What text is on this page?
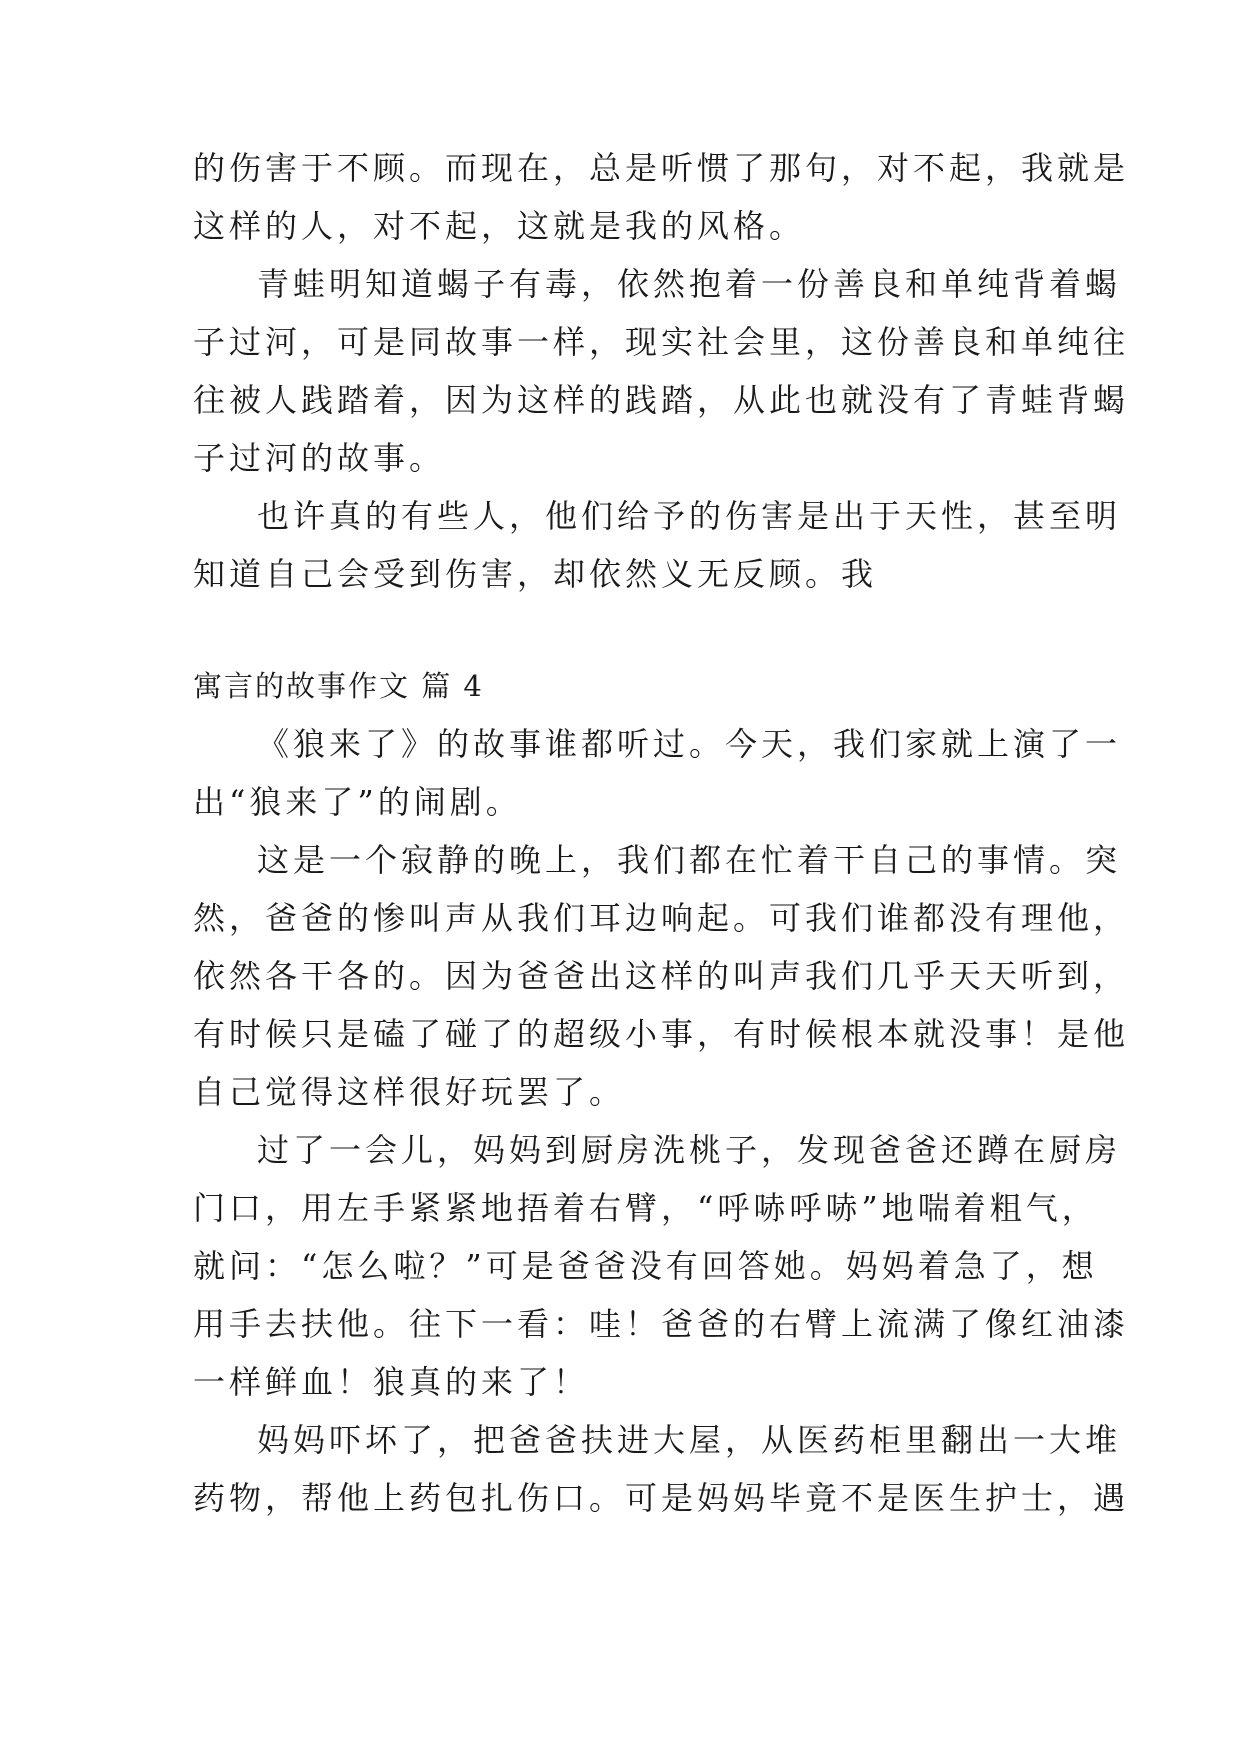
的伤害于不顾。而现在，总是听惯了那句，对不起，我就是
这样的人，对不起，这就是我的风格。
青蛙明知道蝎子有毒，依然抱着一份善良和单纯背着蝎
子过河，可是同故事一样，现实社会里，这份善良和单纯往
往被人践踏着，因为这样的践踏，从此也就没有了青蛙背蝎
子过河的故事。
也许真的有些人，他们给予的伤害是出于天性，甚至明
知道自己会受到伤害，却依然义无反顾。我
寓言的故事作文 篇 4
《狼来了》的故事谁都听过。今天，我们家就上演了一
出“狼来了”的闹剧。
这是一个寂静的晚上，我们都在忙着干自己的事情。突
然，爸爸的惨叫声从我们耳边响起。可我们谁都没有理他，
依然各干各的。因为爸爸出这样的叫声我们几乎天天听到，
有时候只是磕了碰了的超级小事，有时候根本就没事！是他
自己觉得这样很好玩罢了。
过了一会儿，妈妈到厨房洗桃子，发现爸爸还蹲在厨房
门口，用左手紧紧地捂着右臂，“呼哧呼哧”地喘着粗气，
就问：“怎么啦？”可是爸爸没有回答她。妈妈着急了，想
用手去扶他。往下一看：哇！爸爸的右臂上流满了像红油漆
一样鲜血！狼真的来了！
妈妈吓坏了，把爸爸扶进大屋，从医药柜里翻出一大堆
药物，帮他上药包扎伤口。可是妈妈毕竟不是医生护士，遇
